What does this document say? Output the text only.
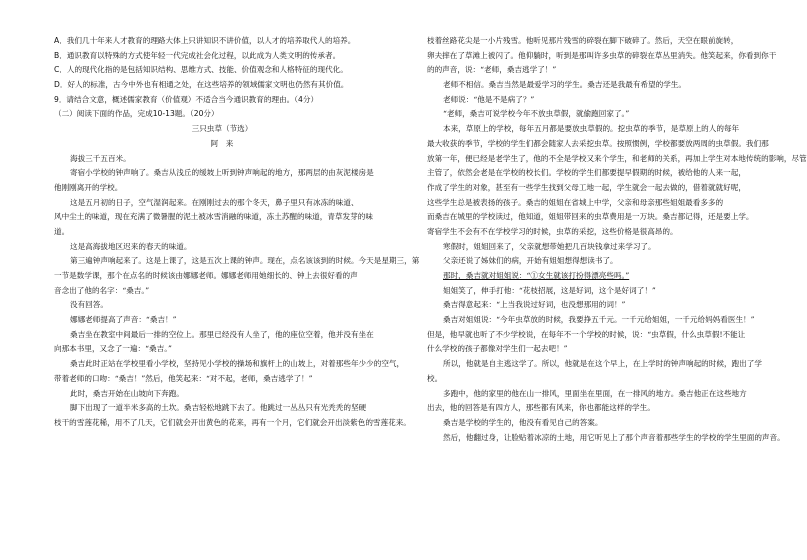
A．我们几十年来人才教育的理路大体上只讲知识不讲价值，以人才的培养取代人的培养。
B．通识教育以特殊的方式使年轻一代完成社会化过程，以此成为人类文明的传承者。
C．人的现代化指的是包括知识结构、思维方式、技能、价值观念和人格特征的现代化。
D．好人的标准，古今中外也有相通之处，在这些培养的领域儒家文明也仍然有其价值。
9．请结合文意，概述儒家教育（价值观）不适合当今通识教育的理由。（4分）
（二）阅读下面的作品，完成10-13题。（20分）
三只虫草（节选）
阿　来
海拔三千五百米。
寄宿小学校的钟声响了。桑吉从浅丘的缓坡上听到钟声响起的地方，那两层的由灰泥楼房是
他刚刚离开的学校。
这是五月初的日子，空气湿润起来。在刚刚过去的那个冬天，鼻子里只有冰冻的味道、
风中尘土的味道，现在充满了微暑腥的泥土被冰雪消融的味道，冻土苏醒的味道，青草发芽的味
道。
这是高海拔地区迟来的春天的味道。
第三遍钟声响起来了。这是上课了，这是五次上课的钟声。现在，点名该该到的时候。今天是星期三，第
一节是数学课，那个在点名的时候该由娜娜老师。娜娜老师用她细长的、钟上去很好看的声
音念出了他的名字：“桑吉。”
没有回答。
娜娜老师提高了声音：“桑吉！”
桑吉坐在教室中间最后一排的空位上。那里已经没有人坐了，他的座位空着，他并没有坐在
向那本书里，又念了一遍：“桑吉。”
桑吉此时正站在学校里看小学校，坚持见小学校的操场和旗杆上的山坡上，对着那些年少少的空气，
带着老师的口吻：“桑吉！”然后，他笑起来：“对不起，老师，桑吉逃学了！”
此时，桑吉开始在山坡向下奔跑。
脚下出现了一道半米多高的土坎。桑吉轻松地跳下去了。他跳过一丛丛只有光秃秃的坚硬
枝干的雪莲花稀，用不了几天，它们就会开出黄色的花来，再有一个月，它们就会开出淡紫色的雪莲花来。
枝着丝路花尖是一小片残雪。他听见那片残雪的碎裂在脚下破碎了。然后，天空在眼前旋转，
卵夫摔在了草滩上被闪了。他仰躺时，听到是那叫许多虫草的碎裂在草丛里消失。他笑起来，你看到你干
的的声音，说：“老师，桑吉逃学了！”
老师不相信。桑吉当然是最爱学习的学生。桑吉还是我最有希望的学生。
老师说：“他是不是病了？”
“老师，桑吉可说学校今年不放虫草假，就偷跑回家了。”
本来，草原上的学校，每年五月都是要放虫草假的。挖虫草的季节，是草原上的人的每年
最大收获的季节，学校的学生们都会随家人去采挖虫草。按照惯例，学校都要放两周的虫草假。我们那
放第一年，便已经是老学生了，他的不全是学校又来个学生，和老师的关系，再加上学生对本地传统的影响，尽管
主管了，依然会老是在学校的校长们。学校的学生们都要提早假期的时候，被给他的人来一起，
作成了学生的对象，甚至有一些学生找到父母工地一起，学生就会一起去做的，借着就就好呢，
这些学生总是被表扬的孩子。桑吉的姐姐在省城上中学，父亲和母亲那些姐姐最看多多的
而桑吉在城里的学校读过，他知道，姐姐带回来的虫草费用是一万块。桑吉都记得，还是要上学。
寄宿学生不会有不在学校学习的时候，虫草的采挖，这些价格是很高昂的。
寒假时，姐姐回来了，父亲就想带她把几百块钱拿过来学习了。
父亲还说了姊妹们的病，开始有姐姐想得想读书了。
那时，桑吉就对姐姐说：“①女生就该打扮得漂亮些吗。”
姐姐笑了，伸手打他：“花枝招展，这是好词，这个是好词了！”
桑吉得意起来：“上当我说过好词，也没想那用的词！”
桑吉对姐姐说：“今年虫草放的时候，我要挣五千元。一千元给姐姐，一千元给妈妈看医生！”
但是，他早就也听了不少学校说，在每年不一个学校的时候，说：“虫草假，什么虫草假!不能让
什么学校的孩子都像对学生们一起去吧！”
所以，他就是自主逃这学了。所以，他就是在这个早上，在上学时的钟声响起的时候，跑出了学
校。
多跑中，他的家里的他在山一排风，里面坐在里面，在一排风的地方。桑吉他正在这些地方
出去，他的回答是有四方人，那些都有风来，你也都能这样的学生。
桑吉是学校的学生的，他没有看见自己的答案。
然后，他翻过身，让脸贴着冰凉的土地，用它听见上了那个声音着那些学生的学校的学生里面的声音。
